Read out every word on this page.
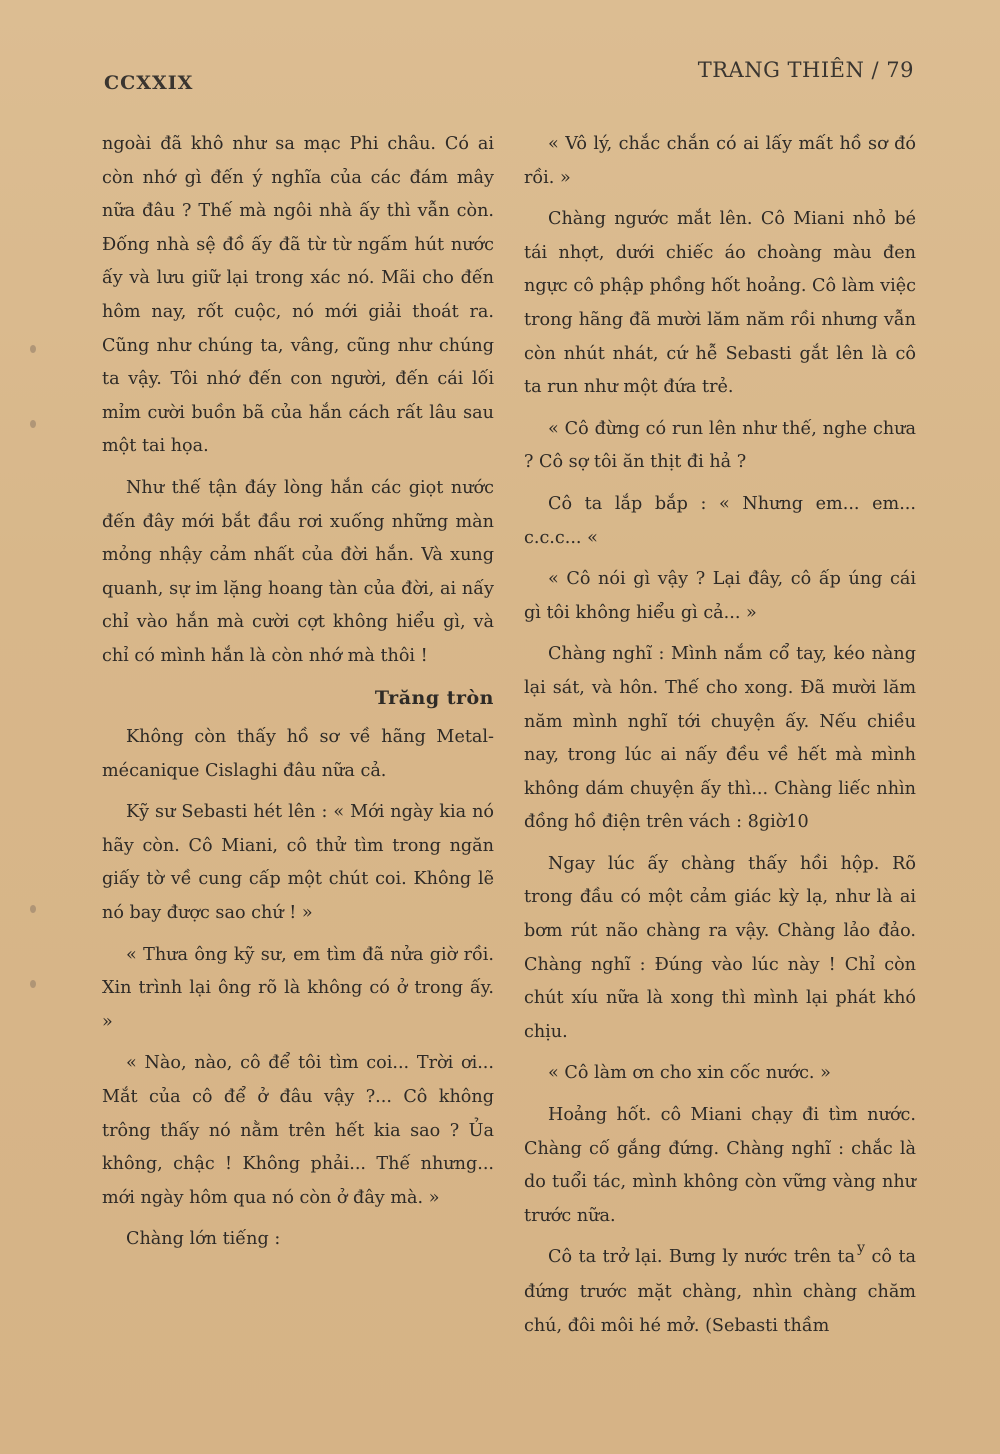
CCXXIX
TRANG THIÊN / 79

ngoài đã khô như sa mạc Phi châu. Có ai còn nhớ gì đến ý nghĩa của các đám mây nữa đâu ? Thế mà ngôi nhà ấy thì vẫn còn. Đống nhà sệ đồ ấy đã từ từ ngấm hút nước ấy và lưu giữ lại trong xác nó. Mãi cho đến hôm nay, rốt cuộc, nó mới giải thoát ra. Cũng như chúng ta, vâng, cũng như chúng ta vậy. Tôi nhớ đến con người, đến cái lối mỉm cười buồn bã của hắn cách rất lâu sau một tai họa.

Như thế tận đáy lòng hắn các giọt nước đến đây mới bắt đầu rơi xuống những màn mỏng nhậy cảm nhất của đời hắn. Và xung quanh, sự im lặng hoang tàn của đời, ai nấy chỉ vào hắn mà cười cợt không hiểu gì, và chỉ có mình hắn là còn nhớ mà thôi !

Trăng tròn

Không còn thấy hồ sơ về hãng Metal-mécanique Cislaghi đâu nữa cả.

Kỹ sư Sebasti hét lên : « Mới ngày kia nó hãy còn. Cô Miani, cô thử tìm trong ngăn giấy tờ về cung cấp một chút coi. Không lẽ nó bay được sao chứ ! »

« Thưa ông kỹ sư, em tìm đã nửa giờ rồi. Xin trình lại ông rõ là không có ở trong ấy. »

« Nào, nào, cô để tôi tìm coi... Trời ơi... Mắt của cô để ở đâu vậy ?... Cô không trông thấy nó nằm trên hết kia sao ? Ủa không, chậc ! Không phải... Thế nhưng... mới ngày hôm qua nó còn ở đây mà. »

Chàng lớn tiếng :

« Vô lý, chắc chắn có ai lấy mất hồ sơ đó rồi. »

Chàng ngước mắt lên. Cô Miani nhỏ bé tái nhợt, dưới chiếc áo choàng màu đen ngực cô phập phồng hốt hoảng. Cô làm việc trong hãng đã mười lăm năm rồi nhưng vẫn còn nhút nhát, cứ hễ Sebasti gắt lên là cô ta run như một đứa trẻ.

« Cô đừng có run lên như thế, nghe chưa ? Cô sợ tôi ăn thịt đi hả ?

Cô ta lắp bắp : « Nhưng em... em... c.c.c... «

« Cô nói gì vậy ? Lại đây, cô ấp úng cái gì tôi không hiểu gì cả... »

Chàng nghĩ : Mình nắm cổ tay, kéo nàng lại sát, và hôn. Thế cho xong. Đã mười lăm năm mình nghĩ tới chuyện ấy. Nếu chiều nay, trong lúc ai nấy đều về hết mà mình không dám chuyện ấy thì... Chàng liếc nhìn đồng hồ điện trên vách : 8giờ10

Ngay lúc ấy chàng thấy hồi hộp. Rõ trong đầu có một cảm giác kỳ lạ, như là ai bơm rút não chàng ra vậy. Chàng lảo đảo. Chàng nghĩ : Đúng vào lúc này ! Chỉ còn chút xíu nữa là xong thì mình lại phát khó chịu.

« Cô làm ơn cho xin cốc nước. »

Hoảng hốt. cô Miani chạy đi tìm nước. Chàng cố gắng đứng. Chàng nghĩ : chắc là do tuổi tác, mình không còn vững vàng như trước nữa.

Cô ta trở lại. Bưng ly nước trên ta $^y$ cô ta đứng trước mặt chàng, nhìn chàng chăm chú, đôi môi hé mở. (Sebasti thầm
